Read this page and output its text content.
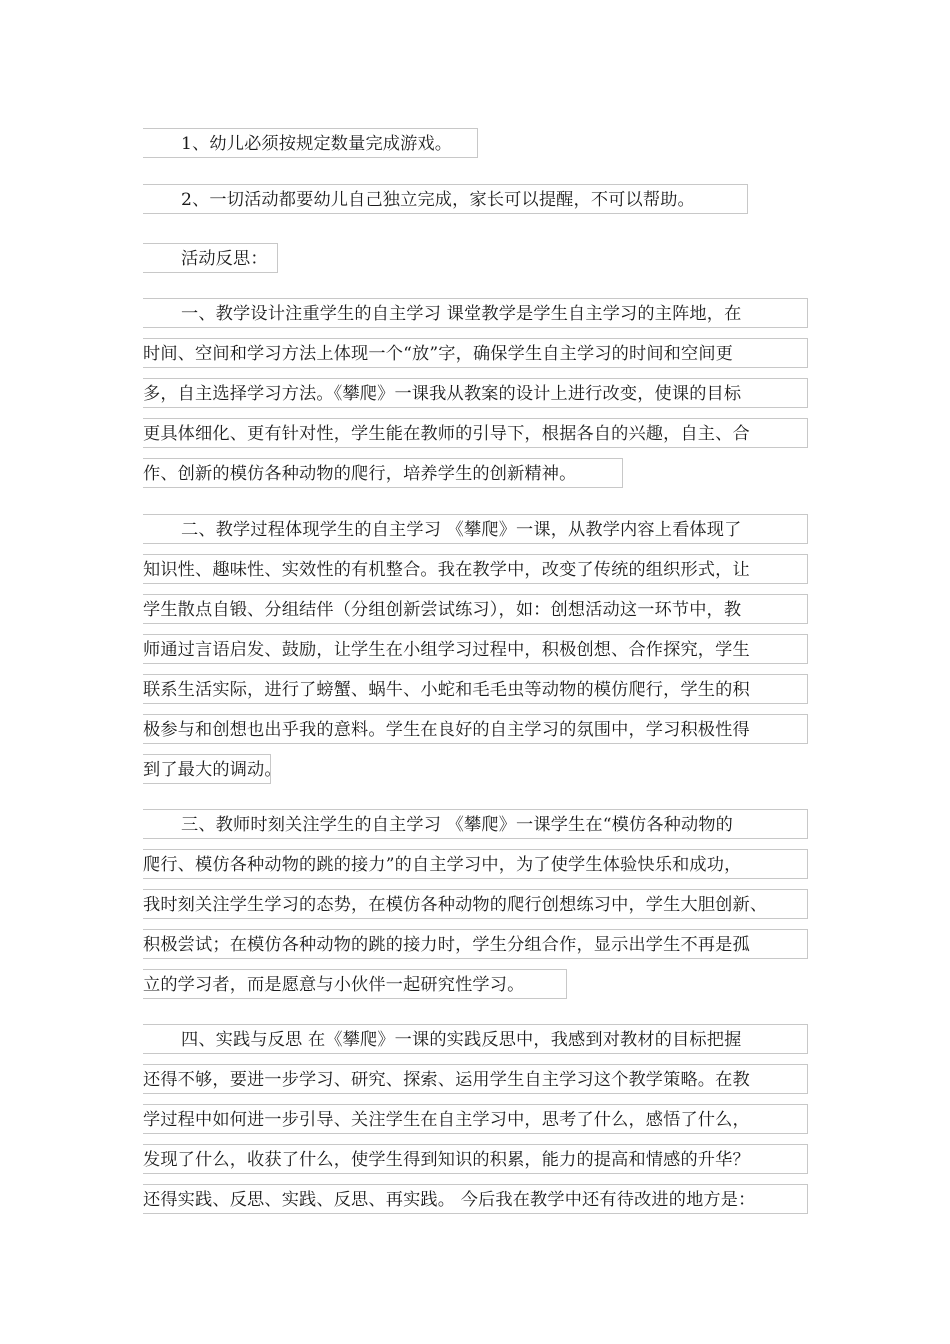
1、幼儿必须按规定数量完成游戏。
2、一切活动都要幼儿自己独立完成，家长可以提醒，不可以帮助。
活动反思：
一、教学设计注重学生的自主学习 课堂教学是学生自主学习的主阵地，在
时间、空间和学习方法上体现一个“放”字，确保学生自主学习的时间和空间更
多，自主选择学习方法。《攀爬》一课我从教案的设计上进行改变，使课的目标
更具体细化、更有针对性，学生能在教师的引导下，根据各自的兴趣，自主、合
作、创新的模仿各种动物的爬行，培养学生的创新精神。
二、教学过程体现学生的自主学习 《攀爬》一课，从教学内容上看体现了
知识性、趣味性、实效性的有机整合。我在教学中，改变了传统的组织形式，让
学生散点自锻、分组结伴（分组创新尝试练习），如：创想活动这一环节中，教
师通过言语启发、鼓励，让学生在小组学习过程中，积极创想、合作探究，学生
联系生活实际，进行了螃蟹、蜗牛、小蛇和毛毛虫等动物的模仿爬行，学生的积
极参与和创想也出乎我的意料。学生在良好的自主学习的氛围中，学习积极性得
到了最大的调动。
三、教师时刻关注学生的自主学习 《攀爬》一课学生在“模仿各种动物的
爬行、模仿各种动物的跳的接力”的自主学习中，为了使学生体验快乐和成功，
我时刻关注学生学习的态势，在模仿各种动物的爬行创想练习中，学生大胆创新、
积极尝试；在模仿各种动物的跳的接力时，学生分组合作，显示出学生不再是孤
立的学习者，而是愿意与小伙伴一起研究性学习。
四、实践与反思 在《攀爬》一课的实践反思中，我感到对教材的目标把握
还得不够，要进一步学习、研究、探索、运用学生自主学习这个教学策略。在教
学过程中如何进一步引导、关注学生在自主学习中，思考了什么，感悟了什么，
发现了什么，收获了什么，使学生得到知识的积累，能力的提高和情感的升华？
还得实践、反思、实践、反思、再实践。 今后我在教学中还有待改进的地方是：
